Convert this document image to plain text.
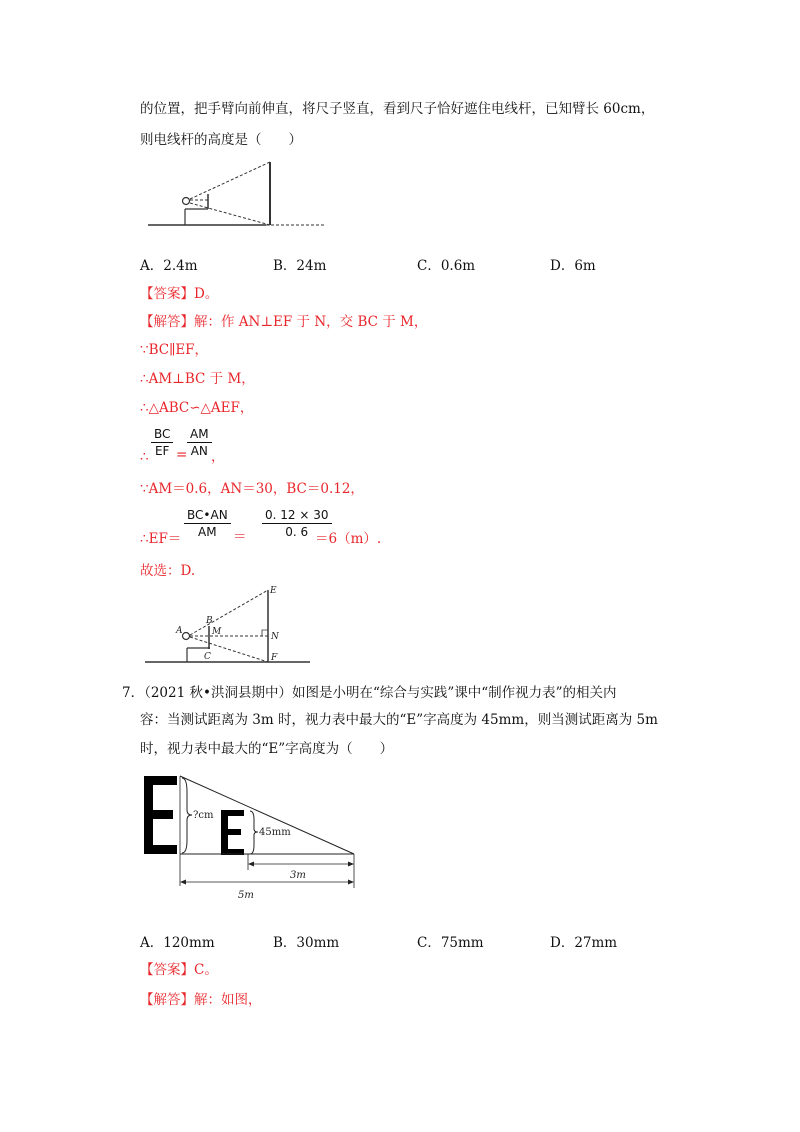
的位置，把手臂向前伸直，将尺子竖直，看到尺子恰好遮住电线杆，已知臂长 60cm，
则电线杆的高度是（　　）
A．2.4m	B．24m	C．0.6m	D．6m
【答案】D。
【解答】解：作 AN⊥EF 于 N，交 BC 于 M，
∵BC∥EF，
∴AM⊥BC 于 M，
∴△ABC∽△AEF，
∴ $\frac{BC}{EF} = \frac{AM}{AN}$ ，
∵AM＝0.6，AN＝30，BC＝0.12，
∴EF＝ $\frac{BC•AN}{AM} = \frac{0. 12 \times 30}{0. 6}$
＝6（m）.
故选：D.
E
A
B
M	N
C	F
7．（2021 秋•洪洞县期中）如图是小明在“综合与实践”课中“制作视力表”的相关内
容：当测试距离为 3m 时，视力表中最大的“E”字高度为 45mm，则当测试距离为 5m
时，视力表中最大的“E”字高度为（　　）
?cm
45mm
3m
5m
A．120mm	B．30mm	C．75mm	D．27mm
【答案】C。
【解答】解：如图，
